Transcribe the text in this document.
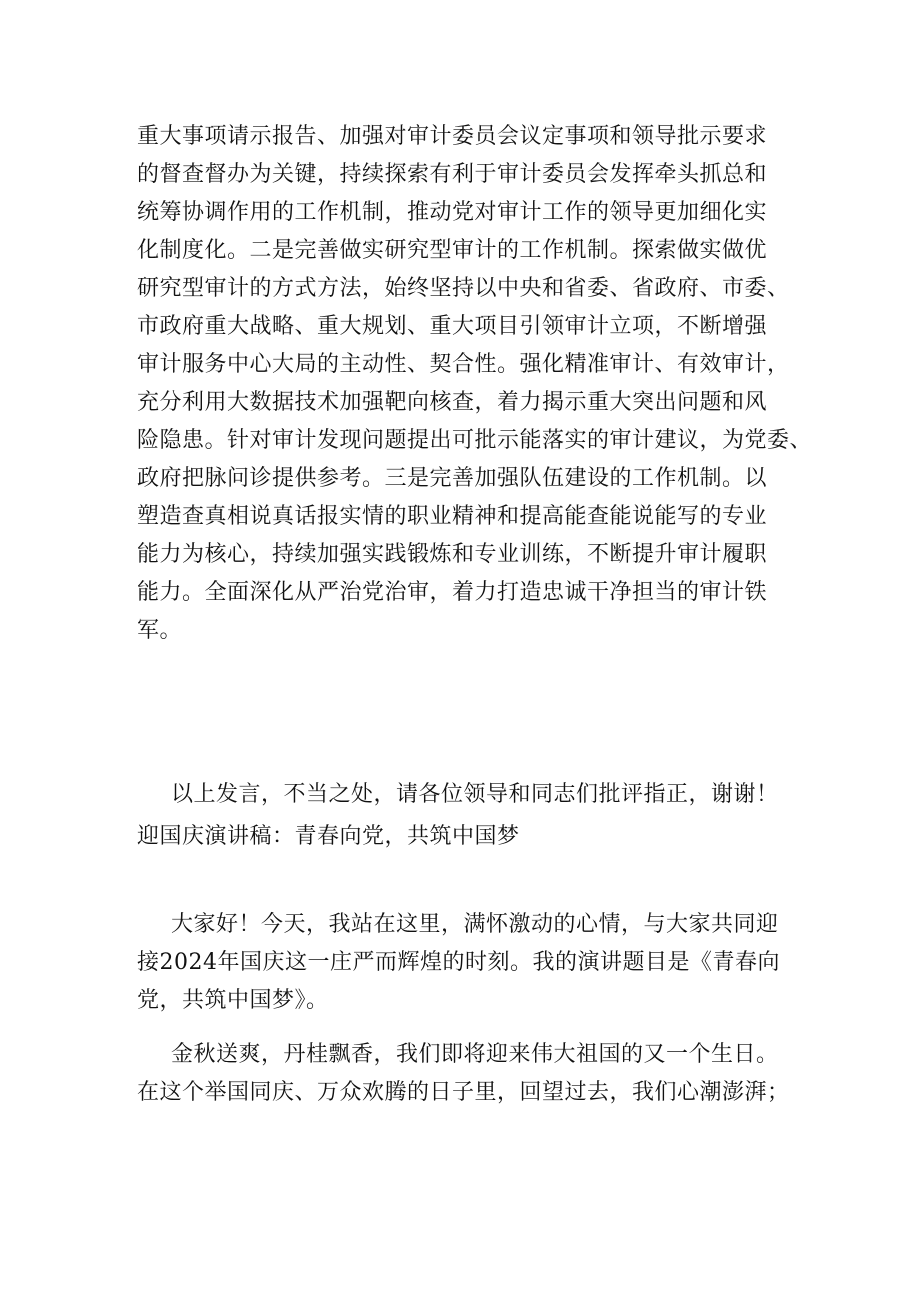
重大事项请示报告、加强对审计委员会议定事项和领导批示要求
的督查督办为关键，持续探索有利于审计委员会发挥牵头抓总和
统筹协调作用的工作机制，推动党对审计工作的领导更加细化实
化制度化。二是完善做实研究型审计的工作机制。探索做实做优
研究型审计的方式方法，始终坚持以中央和省委、省政府、市委、
市政府重大战略、重大规划、重大项目引领审计立项，不断增强
审计服务中心大局的主动性、契合性。强化精准审计、有效审计，
充分利用大数据技术加强靶向核查，着力揭示重大突出问题和风
险隐患。针对审计发现问题提出可批示能落实的审计建议，为党委、
政府把脉问诊提供参考。三是完善加强队伍建设的工作机制。以
塑造查真相说真话报实情的职业精神和提高能查能说能写的专业
能力为核心，持续加强实践锻炼和专业训练，不断提升审计履职
能力。全面深化从严治党治审，着力打造忠诚干净担当的审计铁
军。
以上发言，不当之处，请各位领导和同志们批评指正，谢谢！
迎国庆演讲稿：青春向党，共筑中国梦
大家好！今天，我站在这里，满怀激动的心情，与大家共同迎
接2024年国庆这一庄严而辉煌的时刻。我的演讲题目是《青春向
党，共筑中国梦》。
金秋送爽，丹桂飘香，我们即将迎来伟大祖国的又一个生日。
在这个举国同庆、万众欢腾的日子里，回望过去，我们心潮澎湃；
